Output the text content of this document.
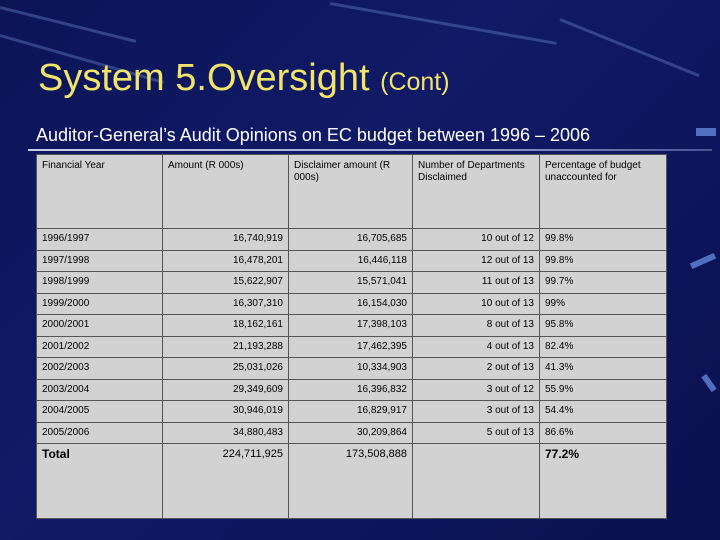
System 5.Oversight (Cont)

Auditor-General’s Audit Opinions on EC budget between 1996 – 2006

Financial Year	Amount (R 000s)	Disclaimer amount (R 000s)	Number of Departments Disclaimed	Percentage of budget unaccounted for
1996/1997	16,740,919	16,705,685	10 out of 12	99.8%
1997/1998	16,478,201	16,446,118	12 out of 13	99.8%
1998/1999	15,622,907	15,571,041	11 out of 13	99.7%
1999/2000	16,307,310	16,154,030	10 out of 13	99%
2000/2001	18,162,161	17,398,103	8 out of 13	95.8%
2001/2002	21,193,288	17,462,395	4 out of 13	82.4%
2002/2003	25,031,026	10,334,903	2 out of 13	41.3%
2003/2004	29,349,609	16,396,832	3 out of 12	55.9%
2004/2005	30,946,019	16,829,917	3 out of 13	54.4%
2005/2006	34,880,483	30,209,864	5 out of 13	86.6%
Total	224,711,925	173,508,888		77.2%
